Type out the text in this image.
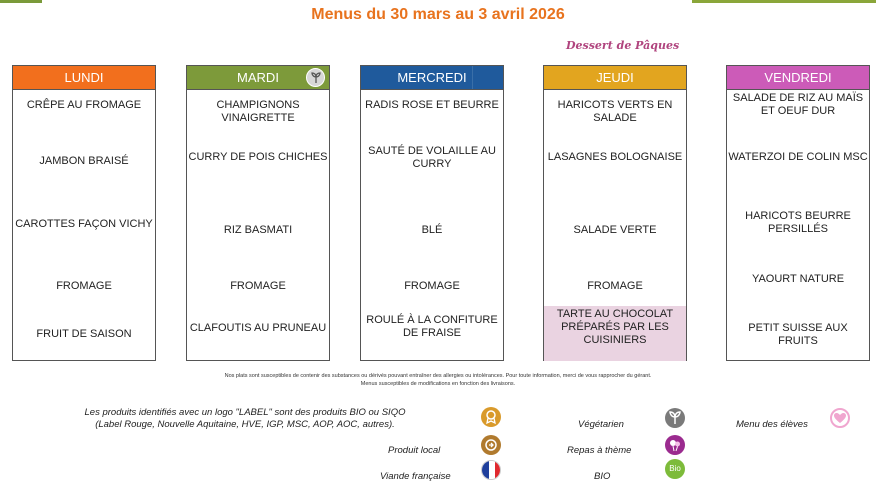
Menus du 30 mars au 3 avril 2026
Dessert de Pâques
LUNDI
CRÊPE AU FROMAGE
JAMBON BRAISÉ
CAROTTES FAÇON VICHY
FROMAGE
FRUIT DE SAISON
MARDI
CHAMPIGNONS VINAIGRETTE
CURRY DE POIS CHICHES
RIZ BASMATI
FROMAGE
CLAFOUTIS AU PRUNEAU
MERCREDI
RADIS ROSE ET BEURRE
SAUTÉ DE VOLAILLE AU CURRY
BLÉ
FROMAGE
ROULÉ À LA CONFITURE DE FRAISE
JEUDI
HARICOTS VERTS EN SALADE
LASAGNES BOLOGNAISE
SALADE VERTE
FROMAGE
TARTE AU CHOCOLAT PRÉPARÉS PAR LES CUISINIERS
VENDREDI
SALADE DE RIZ AU MAÏS ET OEUF DUR
WATERZOI DE COLIN MSC
HARICOTS BEURRE PERSILLÉS
YAOURT NATURE
PETIT SUISSE AUX FRUITS
Nos plats sont susceptibles de contenir des substances ou dérivés pouvant entraîner des allergies ou intolérances. Pour toute information, merci de vous rapprocher du gérant.
Menus susceptibles de modifications en fonction des livraisons.
Les produits identifiés avec un logo "LABEL" sont des produits BIO ou SIQO
(Label Rouge, Nouvelle Aquitaine, HVE, IGP, MSC, AOP, AOC, autres).
Produit local
Viande française
Végétarien
Repas à thème
BIO
Bio
Menu des élèves
